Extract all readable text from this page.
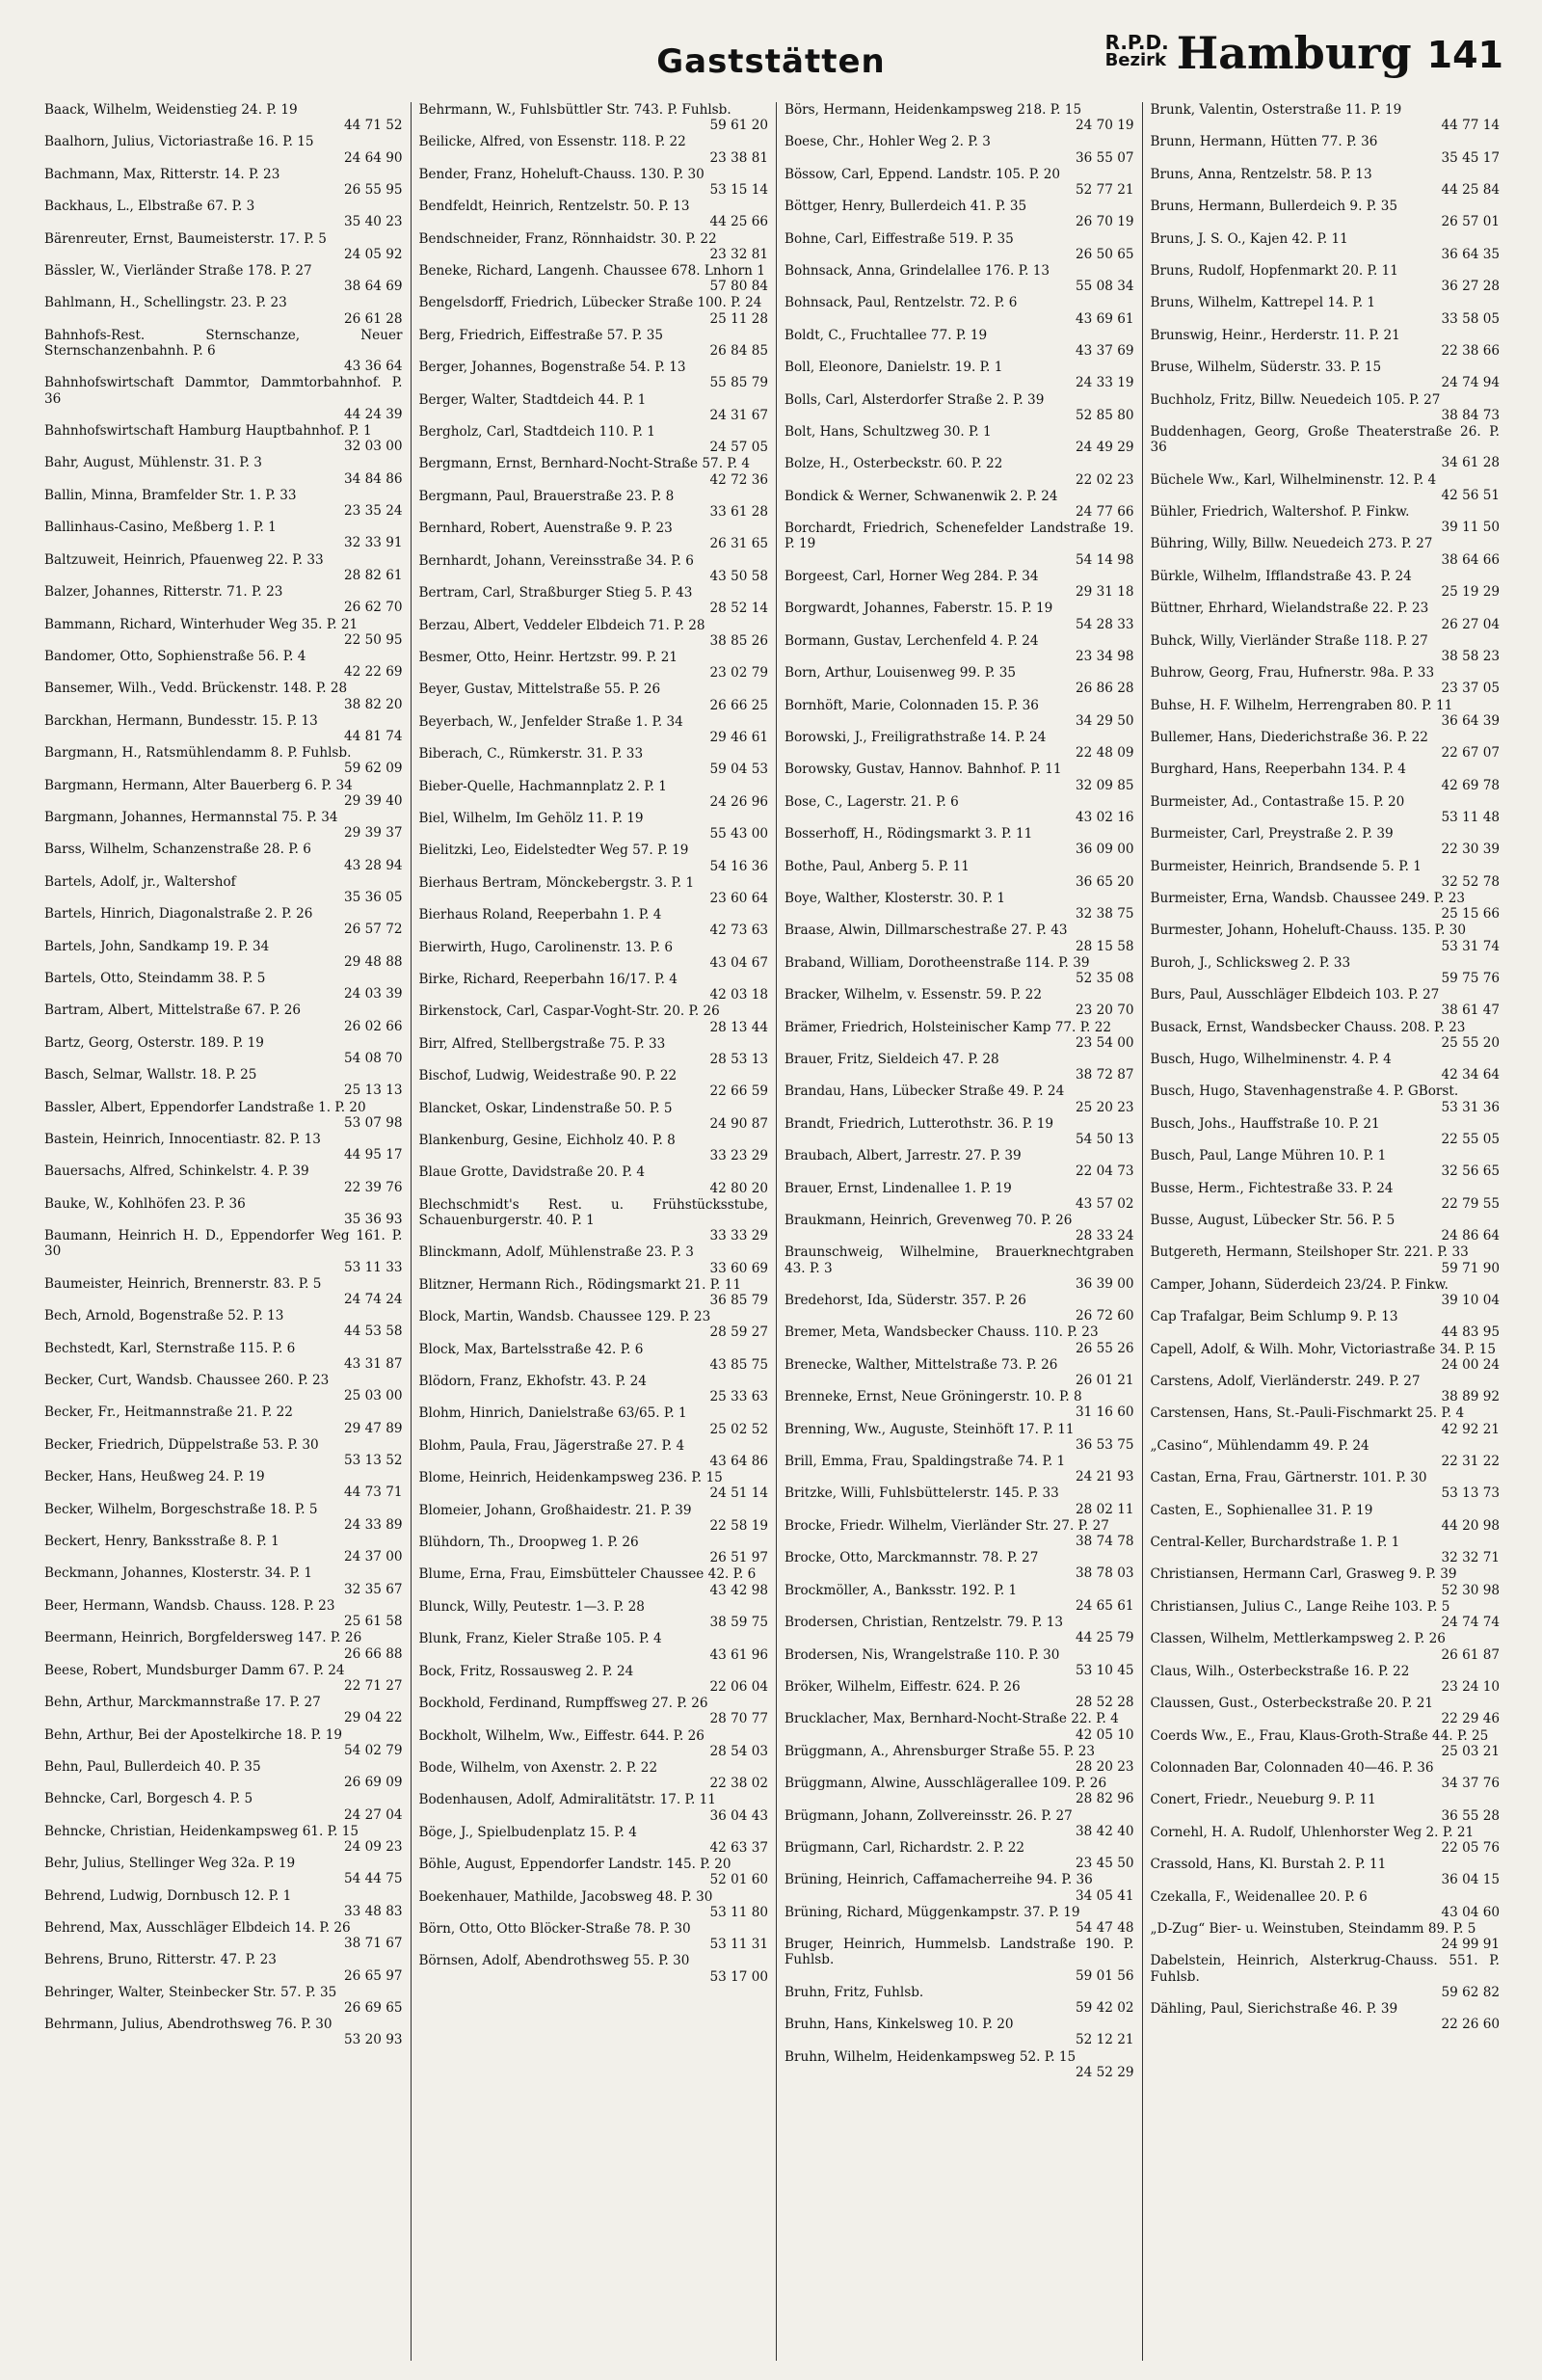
Gaststätten	R.P.D.
Bezirk Hamburg 141
Baack, Wilhelm, Weidenstieg 24. P. 19
44 71 52
Baalhorn, Julius, Victoriastraße 16. P. 15
24 64 90
Bachmann, Max, Ritterstr. 14. P. 23
26 55 95
Backhaus, L., Elbstraße 67. P. 3
35 40 23
Bärenreuter, Ernst, Baumeisterstr. 17. P. 5
24 05 92
Bässler, W., Vierländer Straße 178. P. 27
38 64 69
Bahlmann, H., Schellingstr. 23. P. 23
26 61 28
Bahnhofs-Rest. Sternschanze, Neuer Sternschanzenbahnh. P. 6
43 36 64
Bahnhofswirtschaft Dammtor, Dammtorbahnhof. P. 36
44 24 39
Bahnhofswirtschaft Hamburg Hauptbahnhof. P. 1
32 03 00
Bahr, August, Mühlenstr. 31. P. 3
34 84 86
Ballin, Minna, Bramfelder Str. 1. P. 33
23 35 24
Ballinhaus-Casino, Meßberg 1. P. 1
32 33 91
Baltzuweit, Heinrich, Pfauenweg 22. P. 33
28 82 61
Balzer, Johannes, Ritterstr. 71. P. 23
26 62 70
Bammann, Richard, Winterhuder Weg 35. P. 21
22 50 95
Bandomer, Otto, Sophienstraße 56. P. 4
42 22 69
Bansemer, Wilh., Vedd. Brückenstr. 148. P. 28
38 82 20
Barckhan, Hermann, Bundesstr. 15. P. 13
44 81 74
Bargmann, H., Ratsmühlendamm 8. P. Fuhlsb.
59 62 09
Bargmann, Hermann, Alter Bauerberg 6. P. 34
29 39 40
Bargmann, Johannes, Hermannstal 75. P. 34
29 39 37
Barss, Wilhelm, Schanzenstraße 28. P. 6
43 28 94
Bartels, Adolf, jr., Waltershof
35 36 05
Bartels, Hinrich, Diagonalstraße 2. P. 26
26 57 72
Bartels, John, Sandkamp 19. P. 34
29 48 88
Bartels, Otto, Steindamm 38. P. 5
24 03 39
Bartram, Albert, Mittelstraße 67. P. 26
26 02 66
Bartz, Georg, Osterstr. 189. P. 19
54 08 70
Basch, Selmar, Wallstr. 18. P. 25
25 13 13
Bassler, Albert, Eppendorfer Landstraße 1. P. 20
53 07 98
Bastein, Heinrich, Innocentiastr. 82. P. 13
44 95 17
Bauersachs, Alfred, Schinkelstr. 4. P. 39
22 39 76
Bauke, W., Kohlhöfen 23. P. 36
35 36 93
Baumann, Heinrich H. D., Eppendorfer Weg 161. P. 30
53 11 33
Baumeister, Heinrich, Brennerstr. 83. P. 5
24 74 24
Bech, Arnold, Bogenstraße 52. P. 13
44 53 58
Bechstedt, Karl, Sternstraße 115. P. 6
43 31 87
Becker, Curt, Wandsb. Chaussee 260. P. 23
25 03 00
Becker, Fr., Heitmannstraße 21. P. 22
29 47 89
Becker, Friedrich, Düppelstraße 53. P. 30
53 13 52
Becker, Hans, Heußweg 24. P. 19
44 73 71
Becker, Wilhelm, Borgeschstraße 18. P. 5
24 33 89
Beckert, Henry, Banksstraße 8. P. 1
24 37 00
Beckmann, Johannes, Klosterstr. 34. P. 1
32 35 67
Beer, Hermann, Wandsb. Chauss. 128. P. 23
25 61 58
Beermann, Heinrich, Borgfeldersweg 147. P. 26
26 66 88
Beese, Robert, Mundsburger Damm 67. P. 24
22 71 27
Behn, Arthur, Marckmannstraße 17. P. 27
29 04 22
Behn, Arthur, Bei der Apostelkirche 18. P. 19
54 02 79
Behn, Paul, Bullerdeich 40. P. 35
26 69 09
Behncke, Carl, Borgesch 4. P. 5
24 27 04
Behncke, Christian, Heidenkampsweg 61. P. 15
24 09 23
Behr, Julius, Stellinger Weg 32a. P. 19
54 44 75
Behrend, Ludwig, Dornbusch 12. P. 1
33 48 83
Behrend, Max, Ausschläger Elbdeich 14. P. 26
38 71 67
Behrens, Bruno, Ritterstr. 47. P. 23
26 65 97
Behringer, Walter, Steinbecker Str. 57. P. 35
26 69 65
Behrmann, Julius, Abendrothsweg 76. P. 30
53 20 93
Behrmann, W., Fuhlsbüttler Str. 743. P. Fuhlsb.
59 61 20
Beilicke, Alfred, von Essenstr. 118. P. 22
23 38 81
Bender, Franz, Hoheluft-Chauss. 130. P. 30
53 15 14
Bendfeldt, Heinrich, Rentzelstr. 50. P. 13
44 25 66
Bendschneider, Franz, Rönnhaidstr. 30. P. 22
23 32 81
Beneke, Richard, Langenh. Chaussee 678. Lnhorn 1
57 80 84
Bengelsdorff, Friedrich, Lübecker Straße 100. P. 24
25 11 28
Berg, Friedrich, Eiffestraße 57. P. 35
26 84 85
Berger, Johannes, Bogenstraße 54. P. 13
55 85 79
Berger, Walter, Stadtdeich 44. P. 1
24 31 67
Bergholz, Carl, Stadtdeich 110. P. 1
24 57 05
Bergmann, Ernst, Bernhard-Nocht-Straße 57. P. 4
42 72 36
Bergmann, Paul, Brauerstraße 23. P. 8
33 61 28
Bernhard, Robert, Auenstraße 9. P. 23
26 31 65
Bernhardt, Johann, Vereinsstraße 34. P. 6
43 50 58
Bertram, Carl, Straßburger Stieg 5. P. 43
28 52 14
Berzau, Albert, Veddeler Elbdeich 71. P. 28
38 85 26
Besmer, Otto, Heinr. Hertzstr. 99. P. 21
23 02 79
Beyer, Gustav, Mittelstraße 55. P. 26
26 66 25
Beyerbach, W., Jenfelder Straße 1. P. 34
29 46 61
Biberach, C., Rümkerstr. 31. P. 33
59 04 53
Bieber-Quelle, Hachmannplatz 2. P. 1
24 26 96
Biel, Wilhelm, Im Gehölz 11. P. 19
55 43 00
Bielitzki, Leo, Eidelstedter Weg 57. P. 19
54 16 36
Bierhaus Bertram, Mönckebergstr. 3. P. 1
23 60 64
Bierhaus Roland, Reeperbahn 1. P. 4
42 73 63
Bierwirth, Hugo, Carolinenstr. 13. P. 6
43 04 67
Birke, Richard, Reeperbahn 16/17. P. 4
42 03 18
Birkenstock, Carl, Caspar-Voght-Str. 20. P. 26
28 13 44
Birr, Alfred, Stellbergstraße 75. P. 33
28 53 13
Bischof, Ludwig, Weidestraße 90. P. 22
22 66 59
Blancket, Oskar, Lindenstraße 50. P. 5
24 90 87
Blankenburg, Gesine, Eichholz 40. P. 8
33 23 29
Blaue Grotte, Davidstraße 20. P. 4
42 80 20
Blechschmidt's Rest. u. Frühstücksstube, Schauenburgerstr. 40. P. 1
33 33 29
Blinckmann, Adolf, Mühlenstraße 23. P. 3
33 60 69
Blitzner, Hermann Rich., Rödingsmarkt 21. P. 11
36 85 79
Block, Martin, Wandsb. Chaussee 129. P. 23
28 59 27
Block, Max, Bartelsstraße 42. P. 6
43 85 75
Blödorn, Franz, Ekhofstr. 43. P. 24
25 33 63
Blohm, Hinrich, Danielstraße 63/65. P. 1
25 02 52
Blohm, Paula, Frau, Jägerstraße 27. P. 4
43 64 86
Blome, Heinrich, Heidenkampsweg 236. P. 15
24 51 14
Blomeier, Johann, Großhaidestr. 21. P. 39
22 58 19
Blühdorn, Th., Droopweg 1. P. 26
26 51 97
Blume, Erna, Frau, Eimsbütteler Chaussee 42. P. 6
43 42 98
Blunck, Willy, Peutestr. 1—3. P. 28
38 59 75
Blunk, Franz, Kieler Straße 105. P. 4
43 61 96
Bock, Fritz, Rossausweg 2. P. 24
22 06 04
Bockhold, Ferdinand, Rumpffsweg 27. P. 26
28 70 77
Bockholt, Wilhelm, Ww., Eiffestr. 644. P. 26
28 54 03
Bode, Wilhelm, von Axenstr. 2. P. 22
22 38 02
Bodenhausen, Adolf, Admiralitätstr. 17. P. 11
36 04 43
Böge, J., Spielbudenplatz 15. P. 4
42 63 37
Böhle, August, Eppendorfer Landstr. 145. P. 20
52 01 60
Boekenhauer, Mathilde, Jacobsweg 48. P. 30
53 11 80
Börn, Otto, Otto Blöcker-Straße 78. P. 30
53 11 31
Börnsen, Adolf, Abendrothsweg 55. P. 30
53 17 00
Börs, Hermann, Heidenkampsweg 218. P. 15
24 70 19
Boese, Chr., Hohler Weg 2. P. 3
36 55 07
Bössow, Carl, Eppend. Landstr. 105. P. 20
52 77 21
Böttger, Henry, Bullerdeich 41. P. 35
26 70 19
Bohne, Carl, Eiffestraße 519. P. 35
26 50 65
Bohnsack, Anna, Grindelallee 176. P. 13
55 08 34
Bohnsack, Paul, Rentzelstr. 72. P. 6
43 69 61
Boldt, C., Fruchtallee 77. P. 19
43 37 69
Boll, Eleonore, Danielstr. 19. P. 1
24 33 19
Bolls, Carl, Alsterdorfer Straße 2. P. 39
52 85 80
Bolt, Hans, Schultzweg 30. P. 1
24 49 29
Bolze, H., Osterbeckstr. 60. P. 22
22 02 23
Bondick & Werner, Schwanenwik 2. P. 24
24 77 66
Borchardt, Friedrich, Schenefelder Landstraße 19. P. 19
54 14 98
Borgeest, Carl, Horner Weg 284. P. 34
29 31 18
Borgwardt, Johannes, Faberstr. 15. P. 19
54 28 33
Bormann, Gustav, Lerchenfeld 4. P. 24
23 34 98
Born, Arthur, Louisenweg 99. P. 35
26 86 28
Bornhöft, Marie, Colonnaden 15. P. 36
34 29 50
Borowski, J., Freiligrathstraße 14. P. 24
22 48 09
Borowsky, Gustav, Hannov. Bahnhof. P. 11
32 09 85
Bose, C., Lagerstr. 21. P. 6
43 02 16
Bosserhoff, H., Rödingsmarkt 3. P. 11
36 09 00
Bothe, Paul, Anberg 5. P. 11
36 65 20
Boye, Walther, Klosterstr. 30. P. 1
32 38 75
Braase, Alwin, Dillmarschestraße 27. P. 43
28 15 58
Braband, William, Dorotheenstraße 114. P. 39
52 35 08
Bracker, Wilhelm, v. Essenstr. 59. P. 22
23 20 70
Brämer, Friedrich, Holsteinischer Kamp 77. P. 22
23 54 00
Brauer, Fritz, Sieldeich 47. P. 28
38 72 87
Brandau, Hans, Lübecker Straße 49. P. 24
25 20 23
Brandt, Friedrich, Lutterothstr. 36. P. 19
54 50 13
Braubach, Albert, Jarrestr. 27. P. 39
22 04 73
Brauer, Ernst, Lindenallee 1. P. 19
43 57 02
Braukmann, Heinrich, Grevenweg 70. P. 26
28 33 24
Braunschweig, Wilhelmine, Brauerknechtgraben 43. P. 3
36 39 00
Bredehorst, Ida, Süderstr. 357. P. 26
26 72 60
Bremer, Meta, Wandsbecker Chauss. 110. P. 23
26 55 26
Brenecke, Walther, Mittelstraße 73. P. 26
26 01 21
Brenneke, Ernst, Neue Gröningerstr. 10. P. 8
31 16 60
Brenning, Ww., Auguste, Steinhöft 17. P. 11
36 53 75
Brill, Emma, Frau, Spaldingstraße 74. P. 1
24 21 93
Britzke, Willi, Fuhlsbüttelerstr. 145. P. 33
28 02 11
Brocke, Friedr. Wilhelm, Vierländer Str. 27. P. 27
38 74 78
Brocke, Otto, Marckmannstr. 78. P. 27
38 78 03
Brockmöller, A., Banksstr. 192. P. 1
24 65 61
Brodersen, Christian, Rentzelstr. 79. P. 13
44 25 79
Brodersen, Nis, Wrangelstraße 110. P. 30
53 10 45
Bröker, Wilhelm, Eiffestr. 624. P. 26
28 52 28
Brucklacher, Max, Bernhard-Nocht-Straße 22. P. 4
42 05 10
Brüggmann, A., Ahrensburger Straße 55. P. 23
28 20 23
Brüggmann, Alwine, Ausschlägerallee 109. P. 26
28 82 96
Brügmann, Johann, Zollvereinsstr. 26. P. 27
38 42 40
Brügmann, Carl, Richardstr. 2. P. 22
23 45 50
Brüning, Heinrich, Caffamacherreihe 94. P. 36
34 05 41
Brüning, Richard, Müggenkampstr. 37. P. 19
54 47 48
Bruger, Heinrich, Hummelsb. Landstraße 190. P. Fuhlsb.
59 01 56
Bruhn, Fritz, Fuhlsb.
59 42 02
Bruhn, Hans, Kinkelsweg 10. P. 20
52 12 21
Bruhn, Wilhelm, Heidenkampsweg 52. P. 15
24 52 29
Brunk, Valentin, Osterstraße 11. P. 19
44 77 14
Brunn, Hermann, Hütten 77. P. 36
35 45 17
Bruns, Anna, Rentzelstr. 58. P. 13
44 25 84
Bruns, Hermann, Bullerdeich 9. P. 35
26 57 01
Bruns, J. S. O., Kajen 42. P. 11
36 64 35
Bruns, Rudolf, Hopfenmarkt 20. P. 11
36 27 28
Bruns, Wilhelm, Kattrepel 14. P. 1
33 58 05
Brunswig, Heinr., Herderstr. 11. P. 21
22 38 66
Bruse, Wilhelm, Süderstr. 33. P. 15
24 74 94
Buchholz, Fritz, Billw. Neuedeich 105. P. 27
38 84 73
Buddenhagen, Georg, Große Theaterstraße 26. P. 36
34 61 28
Büchele Ww., Karl, Wilhelminenstr. 12. P. 4
42 56 51
Bühler, Friedrich, Waltershof. P. Finkw.
39 11 50
Bühring, Willy, Billw. Neuedeich 273. P. 27
38 64 66
Bürkle, Wilhelm, Ifflandstraße 43. P. 24
25 19 29
Büttner, Ehrhard, Wielandstraße 22. P. 23
26 27 04
Buhck, Willy, Vierländer Straße 118. P. 27
38 58 23
Buhrow, Georg, Frau, Hufnerstr. 98a. P. 33
23 37 05
Buhse, H. F. Wilhelm, Herrengraben 80. P. 11
36 64 39
Bullemer, Hans, Diederichstraße 36. P. 22
22 67 07
Burghard, Hans, Reeperbahn 134. P. 4
42 69 78
Burmeister, Ad., Contastraße 15. P. 20
53 11 48
Burmeister, Carl, Preystraße 2. P. 39
22 30 39
Burmeister, Heinrich, Brandsende 5. P. 1
32 52 78
Burmeister, Erna, Wandsb. Chaussee 249. P. 23
25 15 66
Burmester, Johann, Hoheluft-Chauss. 135. P. 30
53 31 74
Buroh, J., Schlicksweg 2. P. 33
59 75 76
Burs, Paul, Ausschläger Elbdeich 103. P. 27
38 61 47
Busack, Ernst, Wandsbecker Chauss. 208. P. 23
25 55 20
Busch, Hugo, Wilhelminenstr. 4. P. 4
42 34 64
Busch, Hugo, Stavenhagenstraße 4. P. GBorst.
53 31 36
Busch, Johs., Hauffstraße 10. P. 21
22 55 05
Busch, Paul, Lange Mühren 10. P. 1
32 56 65
Busse, Herm., Fichtestraße 33. P. 24
22 79 55
Busse, August, Lübecker Str. 56. P. 5
24 86 64
Butgereth, Hermann, Steilshoper Str. 221. P. 33
59 71 90
Camper, Johann, Süderdeich 23/24. P. Finkw.
39 10 04
Cap Trafalgar, Beim Schlump 9. P. 13
44 83 95
Capell, Adolf, & Wilh. Mohr, Victoriastraße 34. P. 15
24 00 24
Carstens, Adolf, Vierländerstr. 249. P. 27
38 89 92
Carstensen, Hans, St.-Pauli-Fischmarkt 25. P. 4
42 92 21
„Casino“, Mühlendamm 49. P. 24
22 31 22
Castan, Erna, Frau, Gärtnerstr. 101. P. 30
53 13 73
Casten, E., Sophienallee 31. P. 19
44 20 98
Central-Keller, Burchardstraße 1. P. 1
32 32 71
Christiansen, Hermann Carl, Grasweg 9. P. 39
52 30 98
Christiansen, Julius C., Lange Reihe 103. P. 5
24 74 74
Classen, Wilhelm, Mettlerkampsweg 2. P. 26
26 61 87
Claus, Wilh., Osterbeckstraße 16. P. 22
23 24 10
Claussen, Gust., Osterbeckstraße 20. P. 21
22 29 46
Coerds Ww., E., Frau, Klaus-Groth-Straße 44. P. 25
25 03 21
Colonnaden Bar, Colonnaden 40—46. P. 36
34 37 76
Conert, Friedr., Neueburg 9. P. 11
36 55 28
Cornehl, H. A. Rudolf, Uhlenhorster Weg 2. P. 21
22 05 76
Crassold, Hans, Kl. Burstah 2. P. 11
36 04 15
Czekalla, F., Weidenallee 20. P. 6
43 04 60
„D-Zug“ Bier- u. Weinstuben, Steindamm 89. P. 5
24 99 91
Dabelstein, Heinrich, Alsterkrug-Chauss. 551. P. Fuhlsb.
59 62 82
Dähling, Paul, Sierichstraße 46. P. 39
22 26 60
